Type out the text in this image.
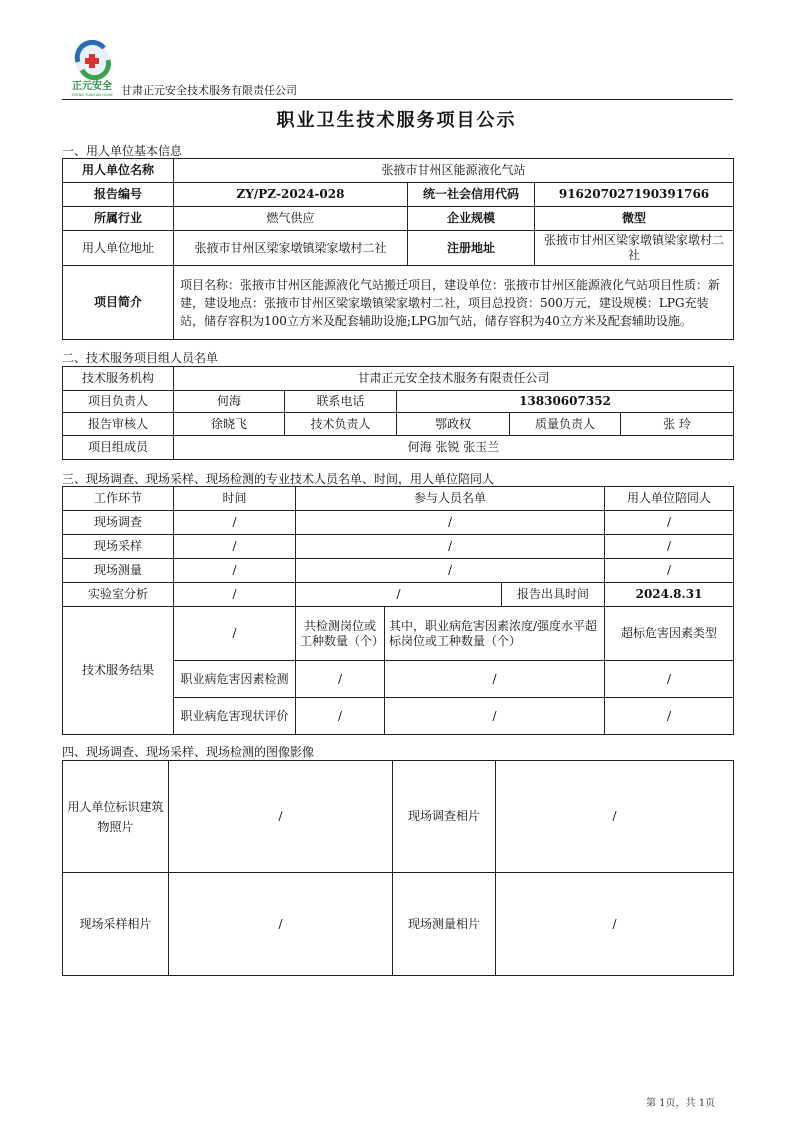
正元安全
ZHENG YUAN AN QUAN 甘肃正元安全技术服务有限责任公司
职业卫生技术服务项目公示
一、用人单位基本信息
用人单位名称	张掖市甘州区能源液化气站		
报告编号	ZY/PZ-2024-028	统一社会信用代码	916207027190391766
所属行业	燃气供应	企业规模	微型
用人单位地址	张掖市甘州区梁家墩镇梁家墩村二社	注册地址	张掖市甘州区梁家墩镇梁家墩村二社
项目简介	项目名称：张掖市甘州区能源液化气站搬迁项目，建设单位：张掖市甘州区能源液化气站项目性质：新建，建设地点：张掖市甘州区梁家墩镇梁家墩村二社，项目总投资：500万元，建设规模：LPG充装站，储存容积为100立方米及配套辅助设施;LPG加气站，储存容积为40立方米及配套辅助设施。		
二、技术服务项目组人员名单
技术服务机构	甘肃正元安全技术服务有限责任公司				
项目负责人	何海	联系电话	13830607352		
报告审核人	徐晓飞	技术负责人	鄂政权	质量负责人	张 玲
项目组成员	何海 张锐 张玉兰				
三、现场调查、现场采样、现场检测的专业技术人员名单、时间，用人单位陪同人
工作环节	时间	参与人员名单			用人单位陪同人
现场调查	/	/			/
现场采样	/	/			/
现场测量	/	/			/
实验室分析	/	/		报告出具时间	2024.8.31
技术服务结果	/	共检测岗位或工种数量（个）	其中，职业病危害因素浓度/强度水平超标岗位或工种数量（个）		超标危害因素类型
	职业病危害因素检测	/	/		/
	职业病危害现状评价	/	/		/
四、现场调查、现场采样、现场检测的图像影像
用人单位标识建筑物照片	/	现场调查相片	/
现场采样相片	/	现场测量相片	/
第 1页，共 1页
